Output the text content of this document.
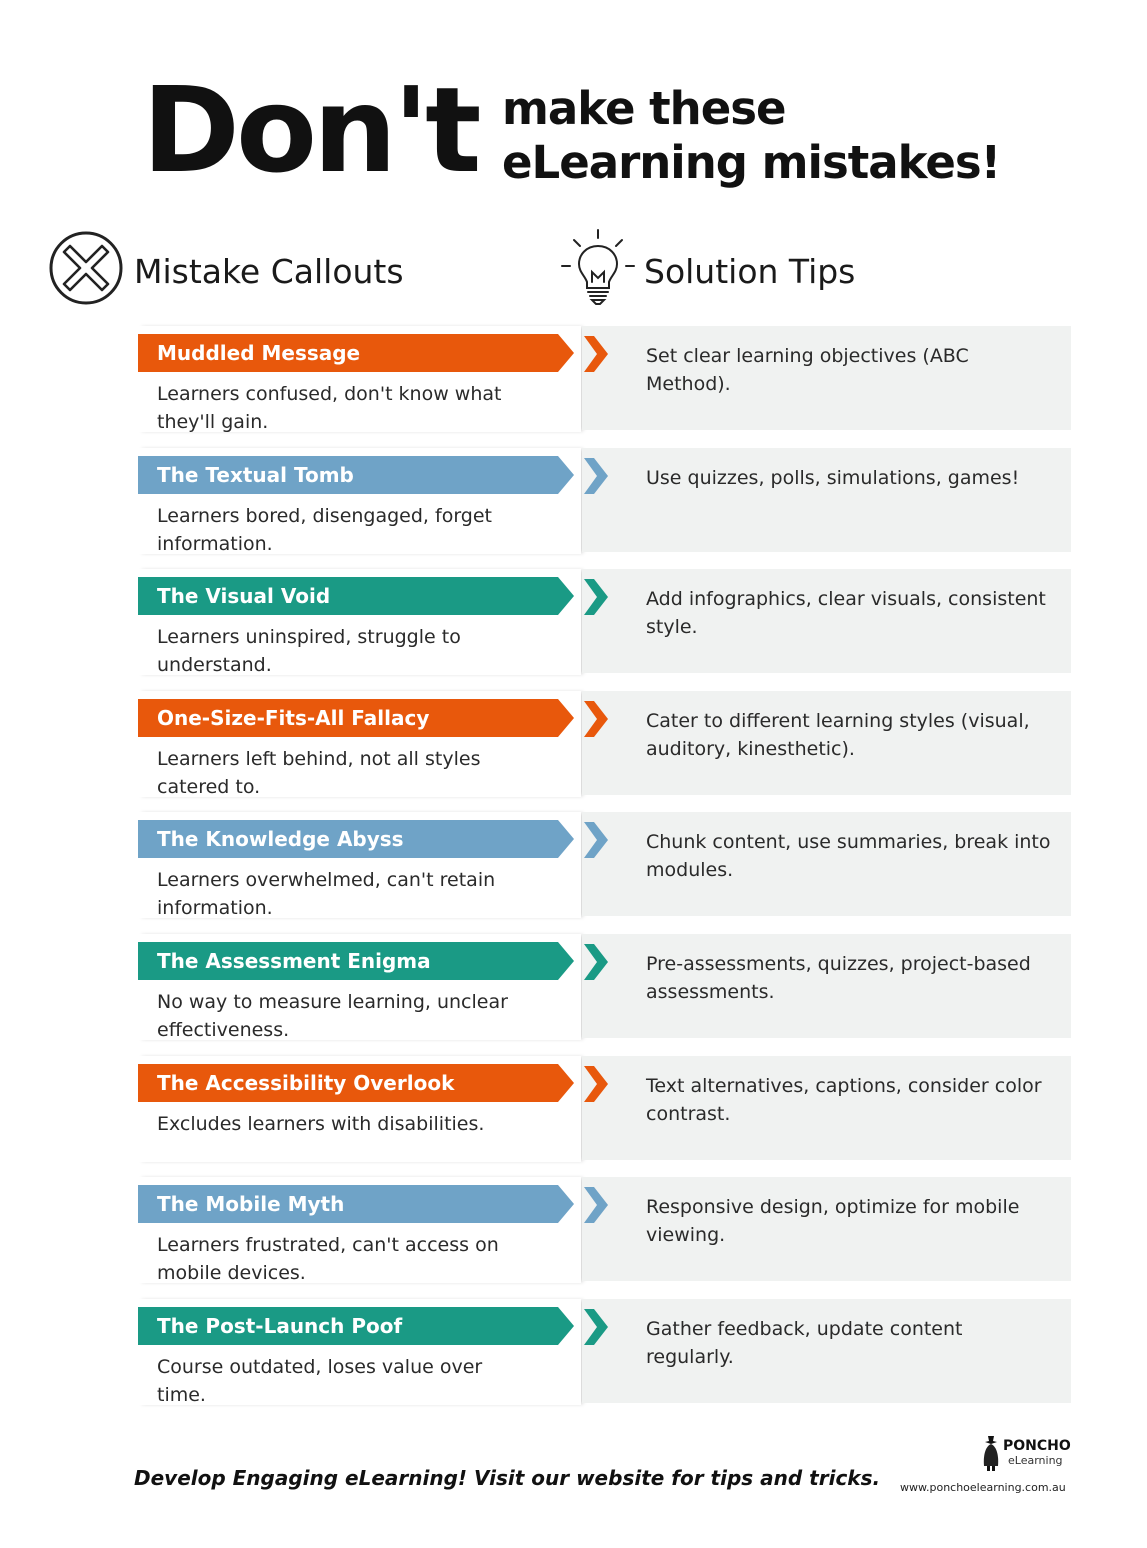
Don't make these
eLearning mistakes!
Mistake Callouts	Solution Tips
Muddled Message
Learners confused, don't know what they'll gain.
Set clear learning objectives (ABC Method).
The Textual Tomb
Learners bored, disengaged, forget information.
Use quizzes, polls, simulations, games!
The Visual Void
Learners uninspired, struggle to understand.
Add infographics, clear visuals, consistent style.
One-Size-Fits-All Fallacy
Learners left behind, not all styles catered to.
Cater to different learning styles (visual, auditory, kinesthetic).
The Knowledge Abyss
Learners overwhelmed, can't retain information.
Chunk content, use summaries, break into modules.
The Assessment Enigma
No way to measure learning, unclear effectiveness.
Pre-assessments, quizzes, project-based assessments.
The Accessibility Overlook
Excludes learners with disabilities.
Text alternatives, captions, consider color contrast.
The Mobile Myth
Learners frustrated, can't access on mobile devices.
Responsive design, optimize for mobile viewing.
The Post-Launch Poof
Course outdated, loses value over time.
Gather feedback, update content regularly.
Develop Engaging eLearning! Visit our website for tips and tricks.
PONCHO
eLearning
www.ponchoelearning.com.au
